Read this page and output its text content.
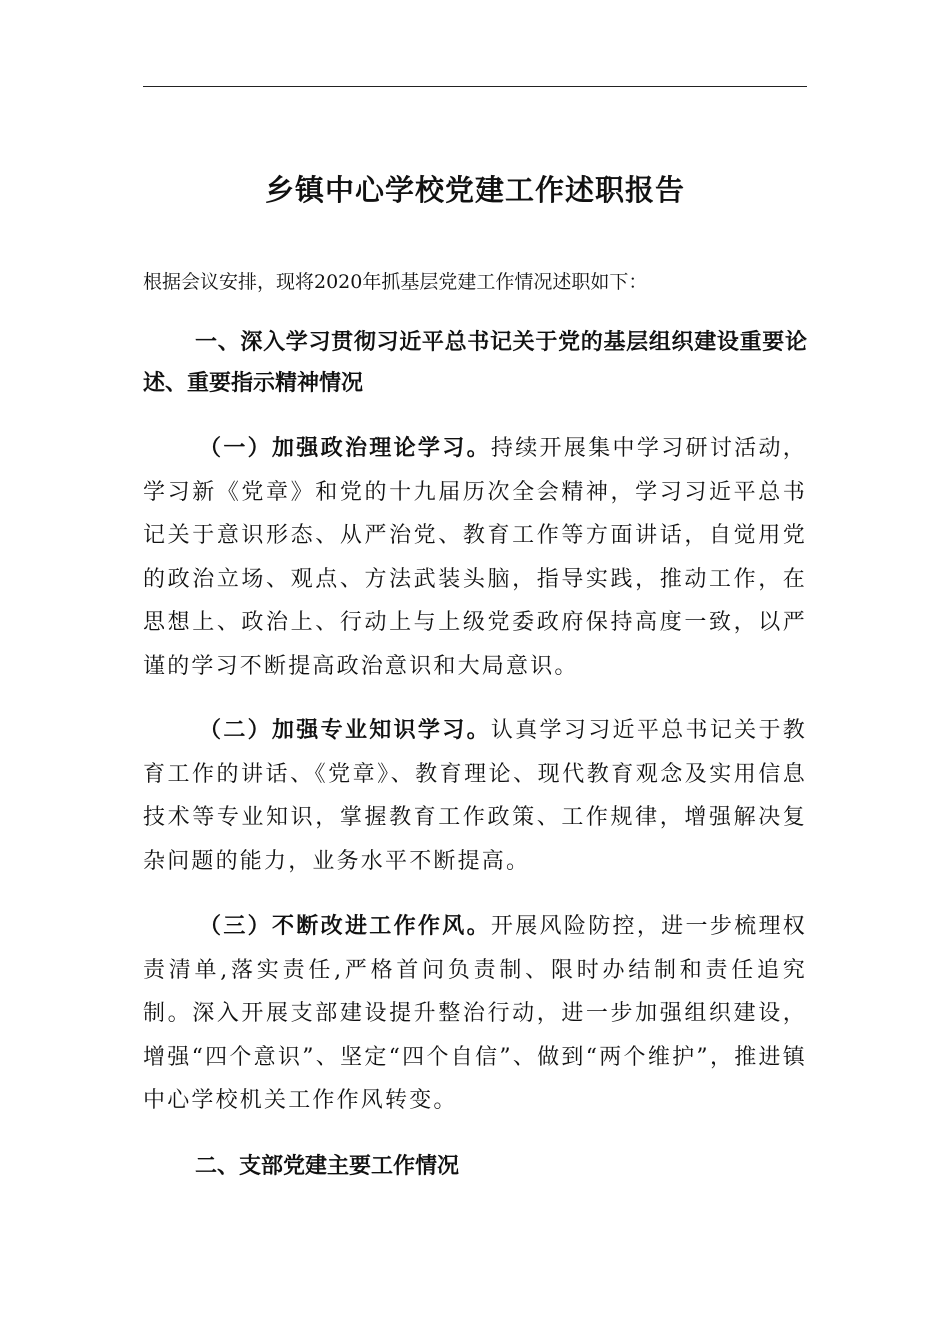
乡镇中心学校党建工作述职报告

根据会议安排，现将2020年抓基层党建工作情况述职如下：

一、深入学习贯彻习近平总书记关于党的基层组织建设重要论述、重要指示精神情况

（一）加强政治理论学习。持续开展集中学习研讨活动，学习新《党章》和党的十九届历次全会精神，学习习近平总书记关于意识形态、从严治党、教育工作等方面讲话，自觉用党的政治立场、观点、方法武装头脑，指导实践，推动工作，在思想上、政治上、行动上与上级党委政府保持高度一致，以严谨的学习不断提高政治意识和大局意识。

（二）加强专业知识学习。认真学习习近平总书记关于教育工作的讲话、《党章》、教育理论、现代教育观念及实用信息技术等专业知识，掌握教育工作政策、工作规律，增强解决复杂问题的能力，业务水平不断提高。

（三）不断改进工作作风。开展风险防控，进一步梳理权责清单,落实责任,严格首问负责制、限时办结制和责任追究制。深入开展支部建设提升整治行动，进一步加强组织建设，增强“四个意识”、坚定“四个自信”、做到“两个维护”，推进镇中心学校机关工作作风转变。

二、支部党建主要工作情况
